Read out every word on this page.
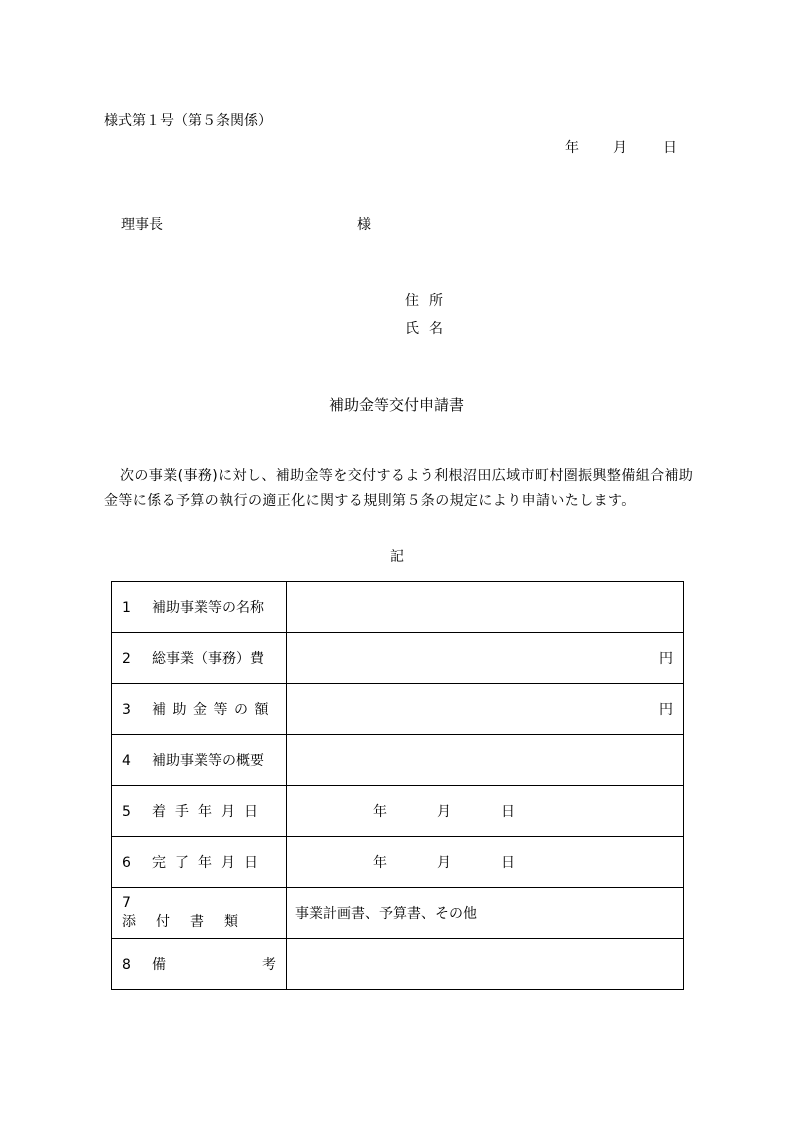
様式第１号（第５条関係）
年 月	日
理事長	様
住所
氏名
補助金等交付申請書
次の事業(事務)に対し、補助金等を交付するよう利根沼田広域市町村圏振興整備組合補助金等に係る予算の執行の適正化に関する規則第５条の規定により申請いたします。
記
1 補助事業等の名称	
2 総事業（事務）費	円

3 補助金等の額	円

4 補助事業等の概要	
5 着手年月日	年 月 日
6 完了年月日	年 月 日
7添付書類	事業計画書、予算書、その他
8 備 考	
